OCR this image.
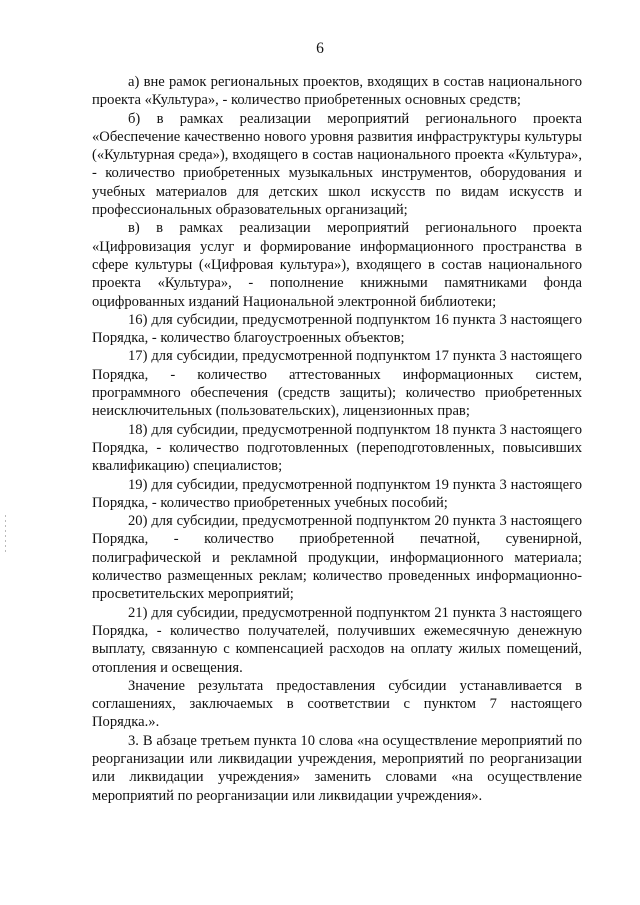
6

а) вне рамок региональных проектов, входящих в состав национального проекта «Культура», - количество приобретенных основных средств;

б) в рамках реализации мероприятий регионального проекта «Обеспечение качественно нового уровня развития инфраструктуры культуры («Культурная среда»), входящего в состав национального проекта «Культура», - количество приобретенных музыкальных инструментов, оборудования и учебных материалов для детских школ искусств по видам искусств и профессиональных образовательных организаций;

в) в рамках реализации мероприятий регионального проекта «Цифровизация услуг и формирование информационного пространства в сфере культуры («Цифровая культура»), входящего в состав национального проекта «Культура», - пополнение книжными памятниками фонда оцифрованных изданий Национальной электронной библиотеки;

16) для субсидии, предусмотренной подпунктом 16 пункта 3 настоящего Порядка, - количество благоустроенных объектов;

17) для субсидии, предусмотренной подпунктом 17 пункта 3 настоящего Порядка, - количество аттестованных информационных систем, программного обеспечения (средств защиты); количество приобретенных неисключительных (пользовательских), лицензионных прав;

18) для субсидии, предусмотренной подпунктом 18 пункта 3 настоящего Порядка, - количество подготовленных (переподготовленных, повысивших квалификацию) специалистов;

19) для субсидии, предусмотренной подпунктом 19 пункта 3 настоящего Порядка, - количество приобретенных учебных пособий;

20) для субсидии, предусмотренной подпунктом 20 пункта 3 настоящего Порядка, - количество приобретенной печатной, сувенирной, полиграфической и рекламной продукции, информационного материала; количество размещенных реклам; количество проведенных информационно-просветительских мероприятий;

21) для субсидии, предусмотренной подпунктом 21 пункта 3 настоящего Порядка, - количество получателей, получивших ежемесячную денежную выплату, связанную с компенсацией расходов на оплату жилых помещений, отопления и освещения.

Значение результата предоставления субсидии устанавливается в соглашениях, заключаемых в соответствии с пунктом 7 настоящего Порядка.».

3. В абзаце третьем пункта 10 слова «на осуществление мероприятий по реорганизации или ликвидации учреждения, мероприятий по реорганизации или ликвидации учреждения» заменить словами «на осуществление мероприятий по реорганизации или ликвидации учреждения».
